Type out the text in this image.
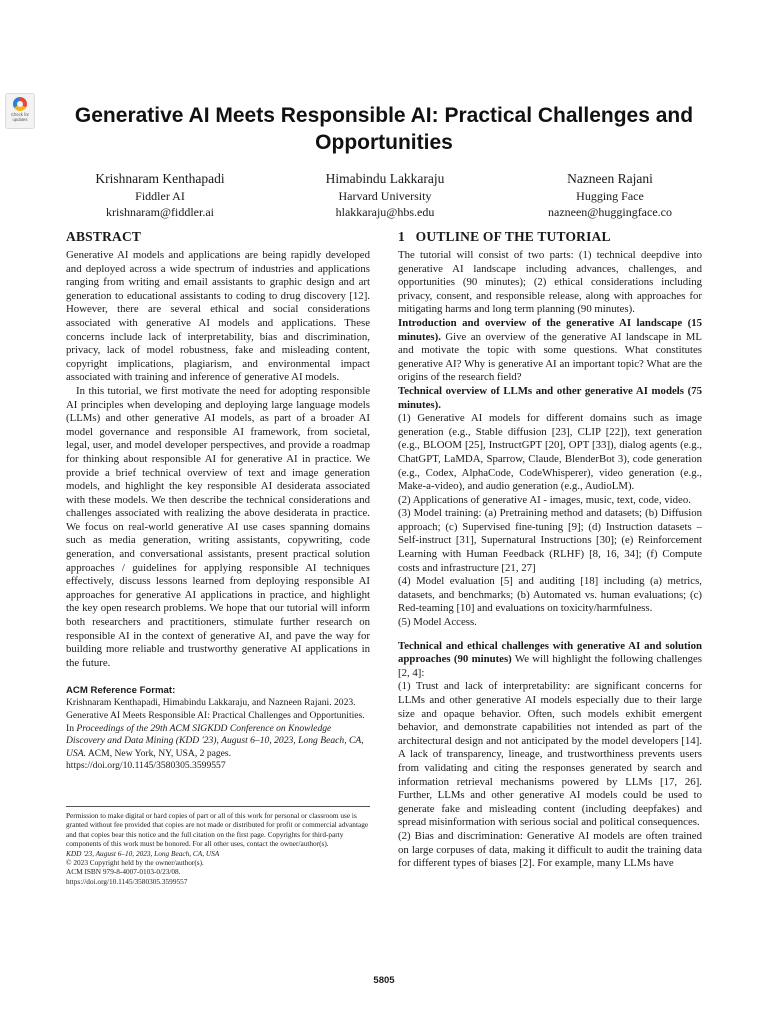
Check for
updates	Generative AI Meets Responsible AI: Practical Challenges and Opportunities
Krishnaram Kenthapadi
Fiddler AI
krishnaram@fiddler.ai
Himabindu Lakkaraju
Harvard University
hlakkaraju@hbs.edu
Nazneen Rajani
Hugging Face
nazneen@huggingface.co
ABSTRACT

Generative AI models and applications are being rapidly developed and deployed across a wide spectrum of industries and applications ranging from writing and email assistants to graphic design and art generation to educational assistants to coding to drug discovery [12]. However, there are several ethical and social considerations associated with generative AI models and applications. These concerns include lack of interpretability, bias and discrimination, privacy, lack of model robustness, fake and misleading content, copyright implications, plagiarism, and environmental impact associated with training and inference of generative AI models.

In this tutorial, we first motivate the need for adopting responsible AI principles when developing and deploying large language models (LLMs) and other generative AI models, as part of a broader AI model governance and responsible AI framework, from societal, legal, user, and model developer perspectives, and provide a roadmap for thinking about responsible AI for generative AI in practice. We provide a brief technical overview of text and image generation models, and highlight the key responsible AI desiderata associated with these models. We then describe the technical considerations and challenges associated with realizing the above desiderata in practice. We focus on real-world generative AI use cases spanning domains such as media generation, writing assistants, copywriting, code generation, and conversational assistants, present practical solution approaches / guidelines for applying responsible AI techniques effectively, discuss lessons learned from deploying responsible AI approaches for generative AI applications in practice, and highlight the key open research problems. We hope that our tutorial will inform both researchers and practitioners, stimulate further research on responsible AI in the context of generative AI, and pave the way for building more reliable and trustworthy generative AI applications in the future.

ACM Reference Format:

Krishnaram Kenthapadi, Himabindu Lakkaraju, and Nazneen Rajani. 2023. Generative AI Meets Responsible AI: Practical Challenges and Opportunities. In Proceedings of the 29th ACM SIGKDD Conference on Knowledge Discovery and Data Mining (KDD '23), August 6–10, 2023, Long Beach, CA, USA. ACM, New York, NY, USA, 2 pages. https://doi.org/10.1145/3580305.3599557

Permission to make digital or hard copies of part or all of this work for personal or classroom use is granted without fee provided that copies are not made or distributed for profit or commercial advantage and that copies bear this notice and the full citation on the first page. Copyrights for third-party components of this work must be honored. For all other uses, contact the owner/author(s).

KDD '23, August 6–10, 2023, Long Beach, CA, USA

© 2023 Copyright held by the owner/author(s).

ACM ISBN 979-8-4007-0103-0/23/08.

https://doi.org/10.1145/3580305.3599557

1   OUTLINE OF THE TUTORIAL

The tutorial will consist of two parts: (1) technical deepdive into generative AI landscape including advances, challenges, and opportunities (90 minutes); (2) ethical considerations including privacy, consent, and responsible release, along with approaches for mitigating harms and long term planning (90 minutes).

Introduction and overview of the generative AI landscape (15 minutes). Give an overview of the generative AI landscape in ML and motivate the topic with some questions. What constitutes generative AI? Why is generative AI an important topic? What are the origins of the research field?

Technical overview of LLMs and other generative AI models (75 minutes).

(1) Generative AI models for different domains such as image generation (e.g., Stable diffusion [23], CLIP [22]), text generation (e.g., BLOOM [25], InstructGPT [20], OPT [33]), dialog agents (e.g., ChatGPT, LaMDA, Sparrow, Claude, BlenderBot 3), code generation (e.g., Codex, AlphaCode, CodeWhisperer), video generation (e.g., Make-a-video), and audio generation (e.g., AudioLM).

(2) Applications of generative AI - images, music, text, code, video.

(3) Model training: (a) Pretraining method and datasets; (b) Diffusion approach; (c) Supervised fine-tuning [9]; (d) Instruction datasets – Self-instruct [31], Supernatural Instructions [30]; (e) Reinforcement Learning with Human Feedback (RLHF) [8, 16, 34]; (f) Compute costs and infrastructure [21, 27]

(4) Model evaluation [5] and auditing [18] including (a) metrics, datasets, and benchmarks; (b) Automated vs. human evaluations; (c) Red-teaming [10] and evaluations on toxicity/harmfulness.

(5) Model Access.

Technical and ethical challenges with generative AI and solution approaches (90 minutes) We will highlight the following challenges [2, 4]:

(1) Trust and lack of interpretability: are significant concerns for LLMs and other generative AI models especially due to their large size and opaque behavior. Often, such models exhibit emergent behavior, and demonstrate capabilities not intended as part of the architectural design and not anticipated by the model developers [14]. A lack of transparency, lineage, and trustworthiness prevents users from validating and citing the responses generated by search and information retrieval mechanisms powered by LLMs [17, 26]. Further, LLMs and other generative AI models could be used to generate fake and misleading content (including deepfakes) and spread misinformation with serious social and political consequences.

(2) Bias and discrimination: Generative AI models are often trained on large corpuses of data, making it difficult to audit the training data for different types of biases [2]. For example, many LLMs have

5805
